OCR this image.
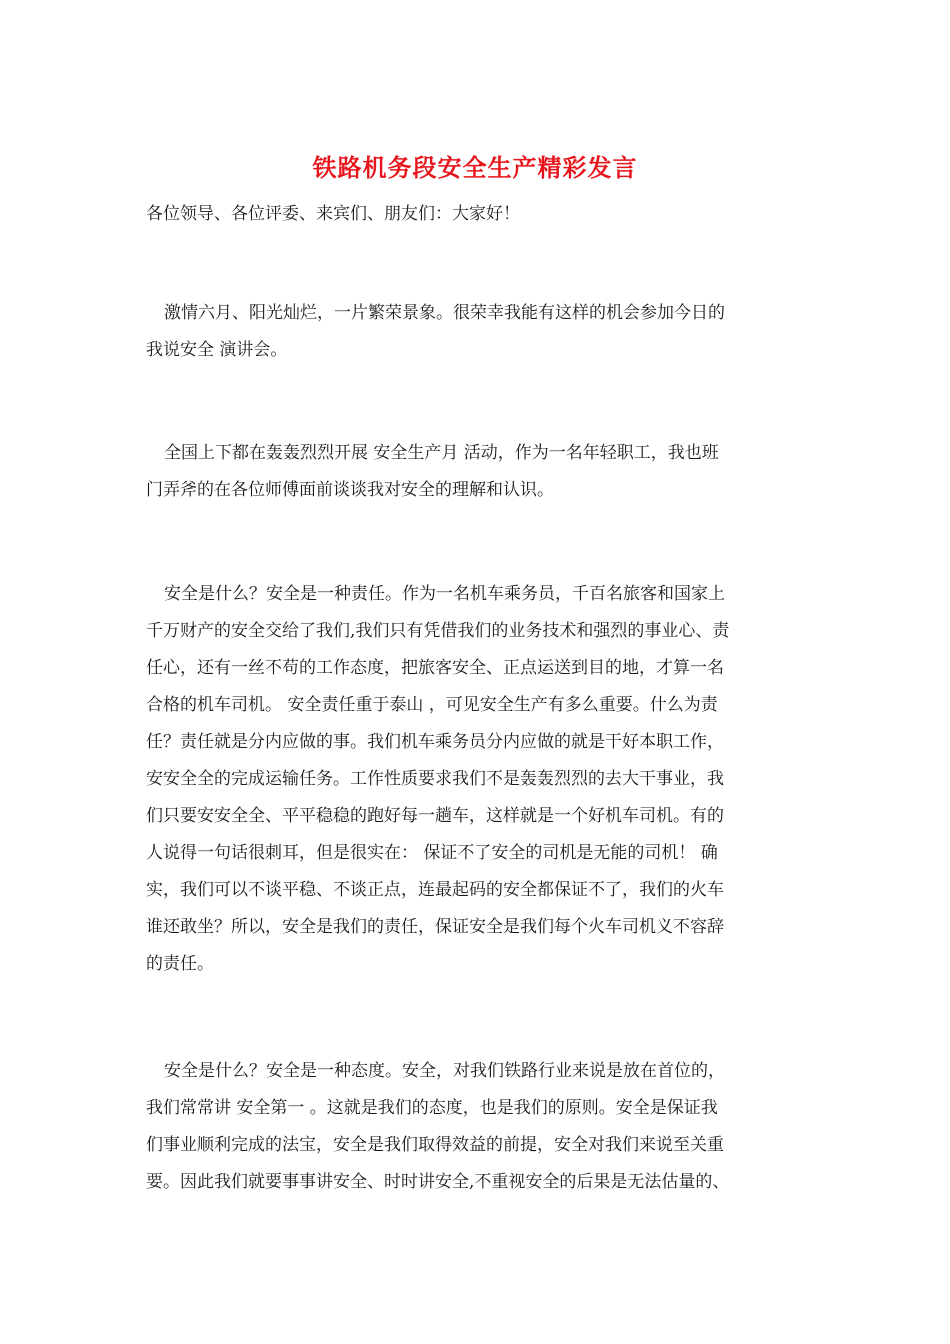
铁路机务段安全生产精彩发言

各位领导、各位评委、来宾们、朋友们：大家好！

激情六月、阳光灿烂，一片繁荣景象。很荣幸我能有这样的机会参加今日的
我说安全 演讲会。
全国上下都在轰轰烈烈开展 安全生产月 活动，作为一名年轻职工，我也班
门弄斧的在各位师傅面前谈谈我对安全的理解和认识。
安全是什么？安全是一种责任。作为一名机车乘务员，千百名旅客和国家上
千万财产的安全交给了我们,我们只有凭借我们的业务技术和强烈的事业心、责
任心，还有一丝不苟的工作态度，把旅客安全、正点运送到目的地，才算一名
合格的机车司机。 安全责任重于泰山 ，可见安全生产有多么重要。什么为责
任？责任就是分内应做的事。我们机车乘务员分内应做的就是干好本职工作，
安安全全的完成运输任务。工作性质要求我们不是轰轰烈烈的去大干事业，我
们只要安安全全、平平稳稳的跑好每一趟车，这样就是一个好机车司机。有的
人说得一句话很刺耳，但是很实在： 保证不了安全的司机是无能的司机！ 确
实，我们可以不谈平稳、不谈正点，连最起码的安全都保证不了，我们的火车
谁还敢坐？所以，安全是我们的责任，保证安全是我们每个火车司机义不容辞
的责任。
安全是什么？安全是一种态度。安全，对我们铁路行业来说是放在首位的，
我们常常讲 安全第一 。这就是我们的态度，也是我们的原则。安全是保证我
们事业顺利完成的法宝，安全是我们取得效益的前提，安全对我们来说至关重
要。因此我们就要事事讲安全、时时讲安全,不重视安全的后果是无法估量的、
